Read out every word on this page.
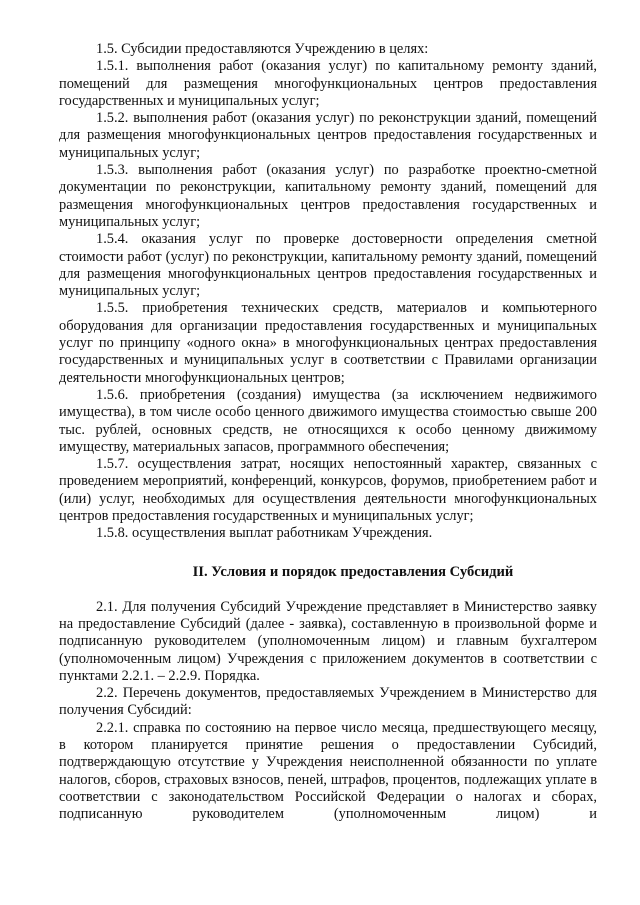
1.5. Субсидии предоставляются Учреждению в целях:

1.5.1. выполнения работ (оказания услуг) по капитальному ремонту зданий, помещений для размещения многофункциональных центров предоставления государственных и муниципальных услуг;

1.5.2. выполнения работ (оказания услуг) по реконструкции зданий, помещений для размещения многофункциональных центров предоставления государственных и муниципальных услуг;

1.5.3. выполнения работ (оказания услуг) по разработке проектно-сметной документации по реконструкции, капитальному ремонту зданий, помещений для размещения многофункциональных центров предоставления государственных и муниципальных услуг;

1.5.4. оказания услуг по проверке достоверности определения сметной стоимости работ (услуг) по реконструкции, капитальному ремонту зданий, помещений для размещения многофункциональных центров предоставления государственных и муниципальных услуг;

1.5.5. приобретения технических средств, материалов и компьютерного оборудования для организации предоставления государственных и муниципальных услуг по принципу «одного окна» в многофункциональных центрах предоставления государственных и муниципальных услуг в соответствии с Правилами организации деятельности многофункциональных центров;

1.5.6. приобретения (создания) имущества (за исключением недвижимого имущества), в том числе особо ценного движимого имущества стоимостью свыше 200 тыс. рублей, основных средств, не относящихся к особо ценному движимому имуществу, материальных запасов, программного обеспечения;

1.5.7. осуществления затрат, носящих непостоянный характер, связанных с проведением мероприятий, конференций, конкурсов, форумов, приобретением работ и (или) услуг, необходимых для осуществления деятельности многофункциональных центров предоставления государственных и муниципальных услуг;

1.5.8. осуществления выплат работникам Учреждения.

II. Условия и порядок предоставления Субсидий

2.1. Для получения Субсидий Учреждение представляет в Министерство заявку на предоставление Субсидий (далее - заявка), составленную в произвольной форме и подписанную руководителем (уполномоченным лицом) и главным бухгалтером (уполномоченным лицом) Учреждения с приложением документов в соответствии с пунктами 2.2.1. – 2.2.9. Порядка.

2.2. Перечень документов, предоставляемых Учреждением в Министерство для получения Субсидий:

2.2.1. справка по состоянию на первое число месяца, предшествующего месяцу, в котором планируется принятие решения о предоставлении Субсидий, подтверждающую отсутствие у Учреждения неисполненной обязанности по уплате налогов, сборов, страховых взносов, пеней, штрафов, процентов, подлежащих уплате в соответствии с законодательством Российской Федерации о налогах и сборах, подписанную руководителем (уполномоченным лицом) и
